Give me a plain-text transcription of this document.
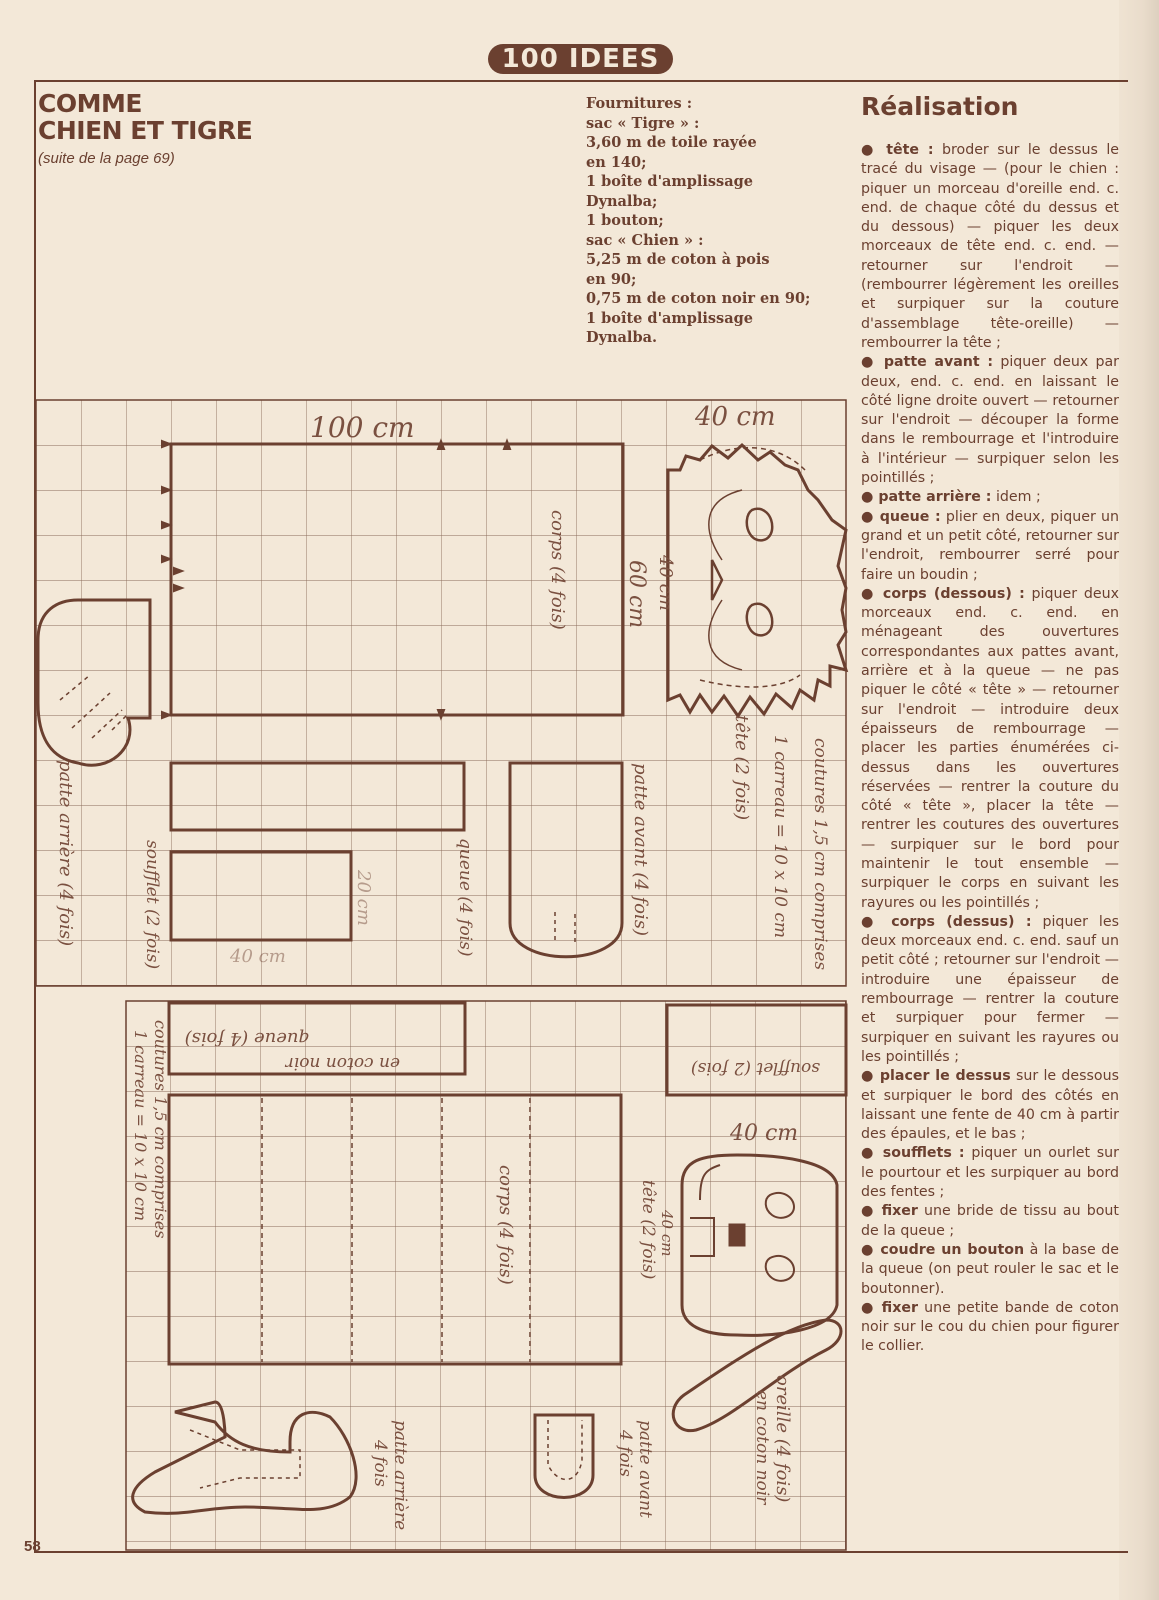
100 IDEES
COMME
CHIEN ET TIGRE
(suite de la page 69)
Fournitures :
sac « Tigre » :
3,60 m de toile rayée
en 140;
1 boîte d'amplissage
Dynalba;
1 bouton;
sac « Chien » :
5,25 m de coton à pois
en 90;
0,75 m de coton noir en 90;
1 boîte d'amplissage
Dynalba.
Réalisation

● tête : broder sur le dessus le tracé du visage — (pour le chien : piquer un morceau d'oreille end. c. end. de chaque côté du dessus et du dessous) — piquer les deux morceaux de tête end. c. end. — retourner sur l'endroit — (rembourrer légèrement les oreilles et surpiquer sur la couture d'assemblage tête-oreille) — rembourrer la tête ;

● patte avant : piquer deux par deux, end. c. end. en laissant le côté ligne droite ouvert — retourner sur l'endroit — découper la forme dans le rembourrage et l'introduire à l'intérieur — surpiquer selon les pointillés ;

● patte arrière : idem ;

● queue : plier en deux, piquer un grand et un petit côté, retourner sur l'endroit, rembourrer serré pour faire un boudin ;

● corps (dessous) : piquer deux morceaux end. c. end. en ménageant des ouvertures correspondantes aux pattes avant, arrière et à la queue — ne pas piquer le côté « tête » — retourner sur l'endroit — introduire deux épaisseurs de rembourrage — placer les parties énumérées ci-dessus dans les ouvertures réservées — rentrer la couture du côté « tête », placer la tête — rentrer les coutures des ouvertures — surpiquer sur le bord pour maintenir le tout ensemble — surpiquer le corps en suivant les rayures ou les pointillés ;

● corps (dessus) : piquer les deux morceaux end. c. end. sauf un petit côté ; retourner sur l'endroit — introduire une épaisseur de rembourrage — rentrer la couture et surpiquer pour fermer — surpiquer en suivant les rayures ou les pointillés ;

● placer le dessus sur le dessous et surpiquer le bord des côtés en laissant une fente de 40 cm à partir des épaules, et le bas ;

● soufflets : piquer un ourlet sur le pourtour et les surpiquer au bord des fentes ;

● fixer une bride de tissu au bout de la queue ;

● coudre un bouton à la base de la queue (on peut rouler le sac et le boutonner).

● fixer une petite bande de coton noir sur le cou du chien pour figurer le collier.

100 cm	40 cm
60 cm 40 cm
corps (4 fois)
tête (2 fois) 1 carreau = 10 x 10 cm coutures 1,5 cm comprises
patte arrière (4 fois)	soufflet (2 fois)	queue (4 fois)	patte avant (4 fois)
20 cm
40 cm
queue (4 fois)
en coton noir	soufflet (2 fois)
coutures 1,5 cm comprises
1 carreau = 10 x 10 cm
corps (4 fois)
40 cm
tête (2 fois) 40 cm
oreille (4 fois)
en coton noir
patte arrière
4 fois	patte avant
4 fois
58
